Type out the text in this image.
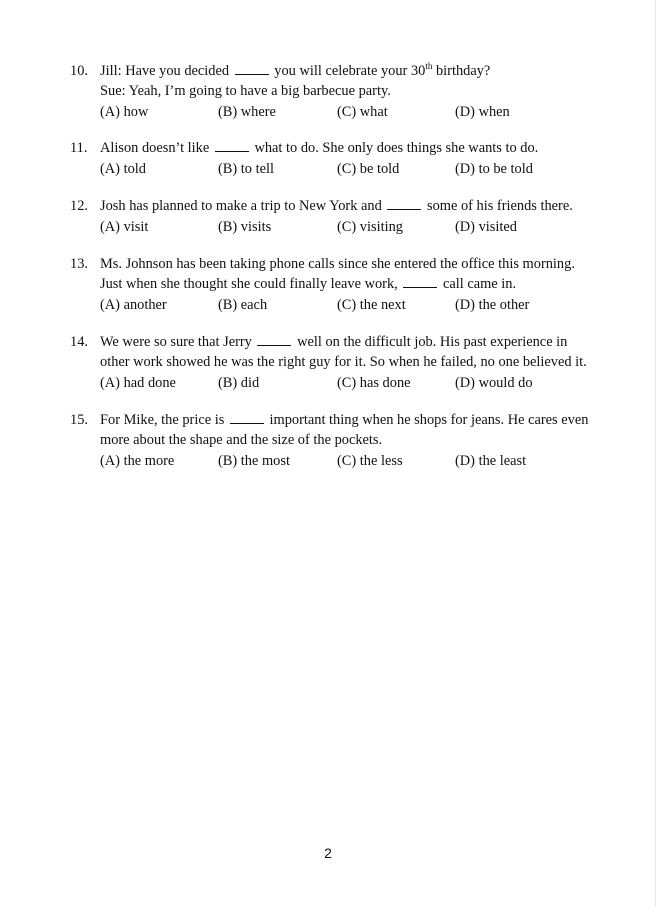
10. Jill: Have you decided	you will celebrate your 30th birthday?
Sue: Yeah, I’m going to have a big barbecue party.
(A) how	(B) where	(C) what	(D) when
11. Alison doesn’t like	what to do. She only does things she wants to do.
(A) told	(B) to tell	(C) be told	(D) to be told
12. Josh has planned to make a trip to New York and	some of his friends there.
(A) visit	(B) visits	(C) visiting	(D) visited
13. Ms. Johnson has been taking phone calls since she entered the office this morning.
Just when she thought she could finally leave work,	call came in.
(A) another	(B) each	(C) the next	(D) the other
14. We were so sure that Jerry	well on the difficult job. His past experience in
other work showed he was the right guy for it. So when he failed, no one believed it.
(A) had done	(B) did	(C) has done	(D) would do
15. For Mike, the price is	important thing when he shops for jeans. He cares even
more about the shape and the size of the pockets.
(A) the more	(B) the most	(C) the less	(D) the least
2
